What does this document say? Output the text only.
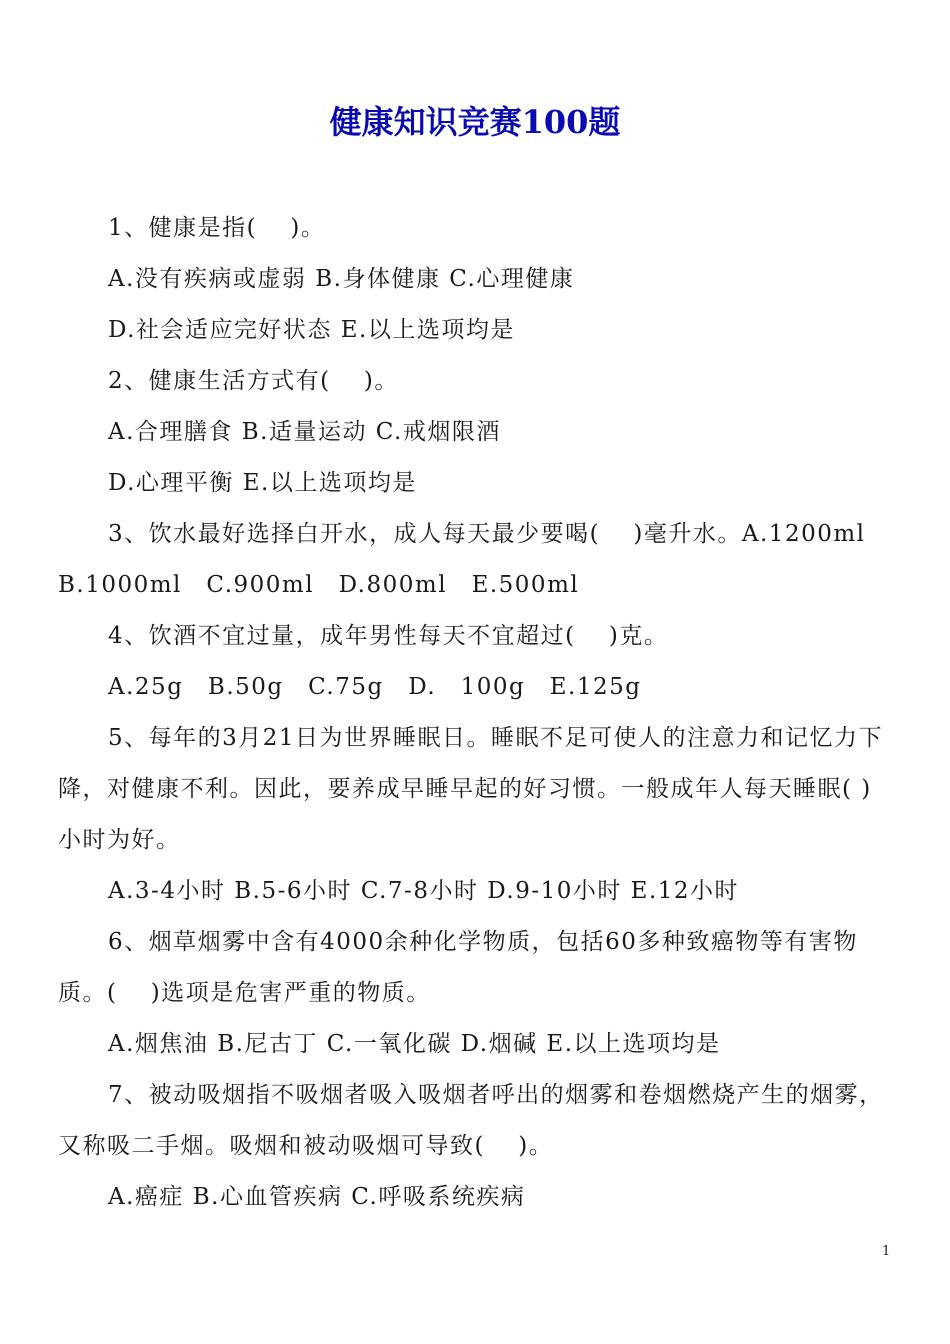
健康知识竞赛100题

1、健康是指(　 )。

A.没有疾病或虚弱 B.身体健康 C.心理健康

D.社会适应完好状态 E.以上选项均是

2、健康生活方式有(　 )。

A.合理膳食 B.适量运动 C.戒烟限酒

D.心理平衡 E.以上选项均是

3、饮水最好选择白开水，成人每天最少要喝(　 )毫升水。A.1200ml B.1000ml　C.900ml　D.800ml　E.500ml

4、饮酒不宜过量，成年男性每天不宜超过(　 )克。

A.25g　B.50g　C.75g　D.　100g　E.125g

5、每年的3月21日为世界睡眠日。睡眠不足可使人的注意力和记忆力下降，对健康不利。因此，要养成早睡早起的好习惯。一般成年人每天睡眠( )小时为好。

A.3-4小时 B.5-6小时 C.7-8小时 D.9-10小时 E.12小时

6、烟草烟雾中含有4000余种化学物质，包括60多种致癌物等有害物质。(　 )选项是危害严重的物质。

A.烟焦油 B.尼古丁 C.一氧化碳 D.烟碱 E.以上选项均是

7、被动吸烟指不吸烟者吸入吸烟者呼出的烟雾和卷烟燃烧产生的烟雾，又称吸二手烟。吸烟和被动吸烟可导致(　 )。

A.癌症 B.心血管疾病 C.呼吸系统疾病

1
